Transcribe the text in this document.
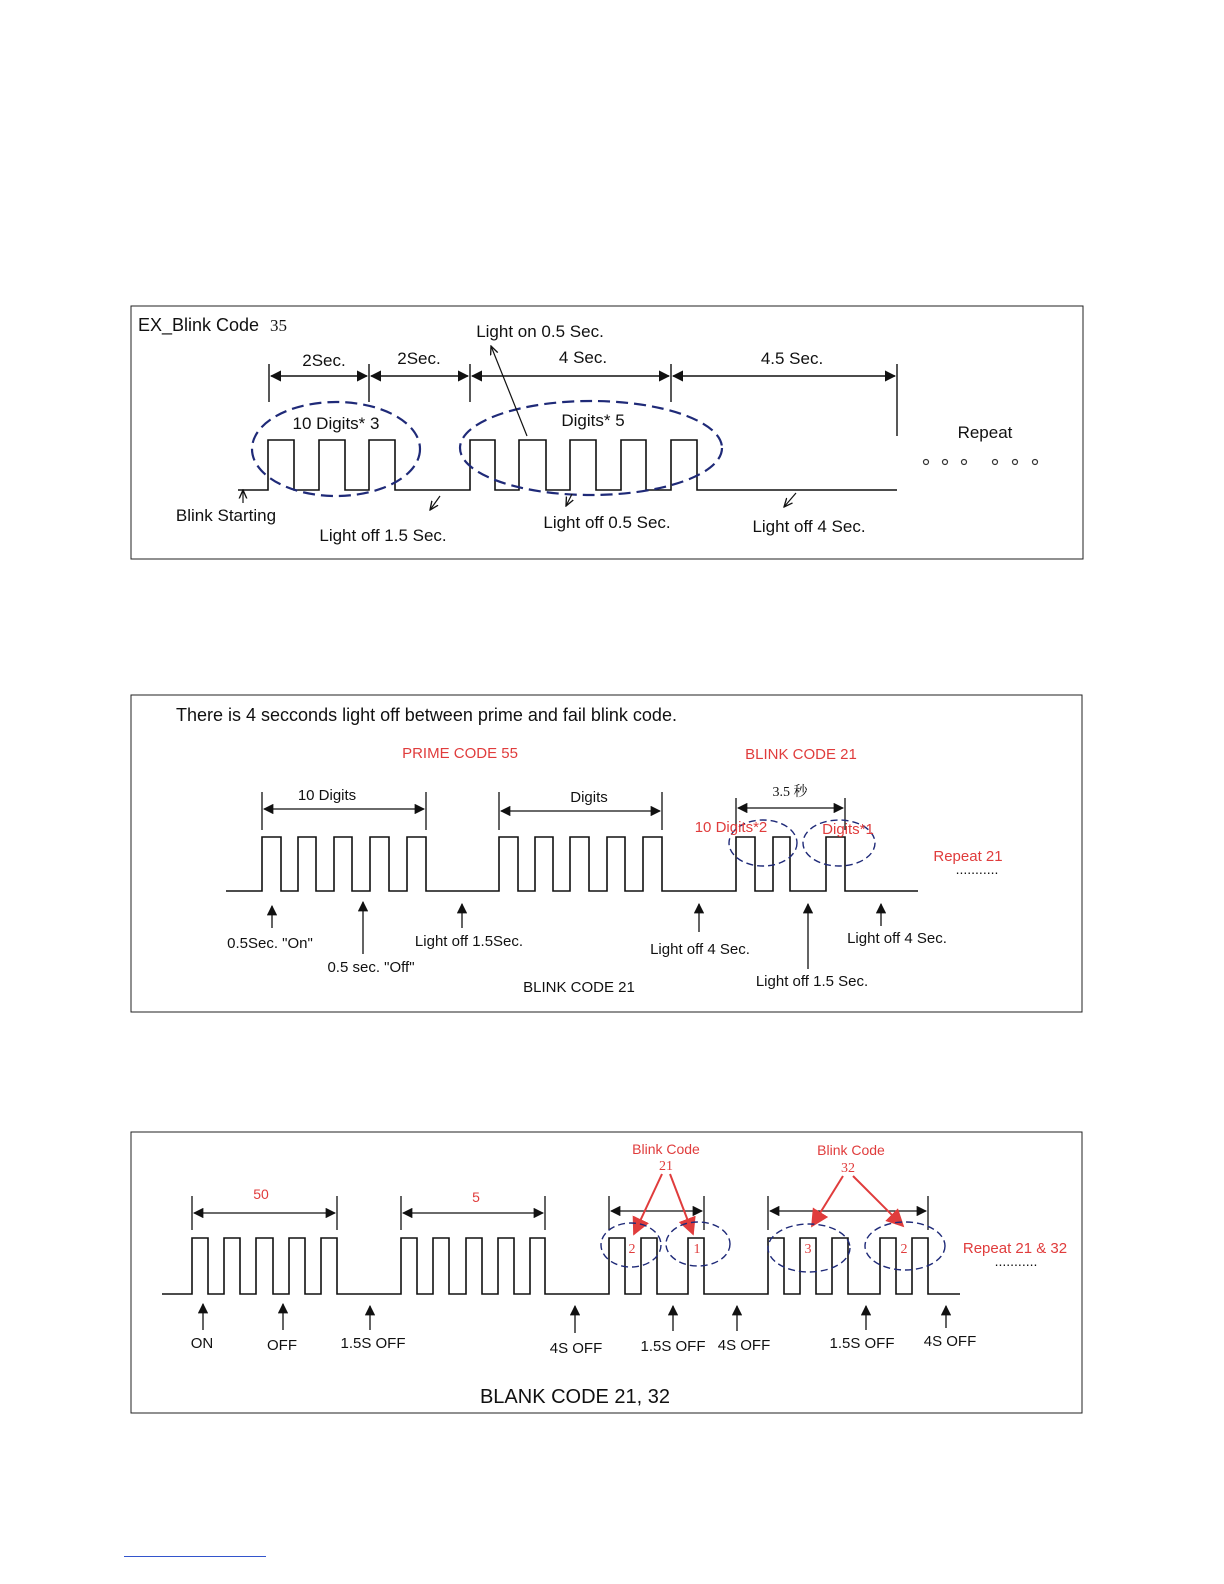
EX_Blink Code 35
2Sec.	2Sec.	4 Sec.	4.5 Sec.
10 Digits* 3	Digits* 5
Light on 0.5 Sec.
Repeat
Blink Starting
Light off 1.5 Sec.
Light off 0.5 Sec.	Light off 4 Sec.
There is 4 secconds light off between prime and fail blink code.
PRIME CODE 55	BLINK CODE 21
10 Digits	Digits	3.5 秒
10 Digits*2	Digits*1
Repeat 21
...........
0.5Sec. "On"
0.5 sec. "Off"
Light off 1.5Sec.	Light off 4 Sec.
Light off 1.5 Sec.
Light off 4 Sec.
BLINK CODE 21
50	5
Blink Code
21
Blink Code
32
2	1	3	2	Repeat 21 & 32
...........
ON	OFF	1.5S OFF	4S OFF	1.5S OFF 4S OFF	1.5S OFF 4S OFF
BLANK CODE 21, 32
